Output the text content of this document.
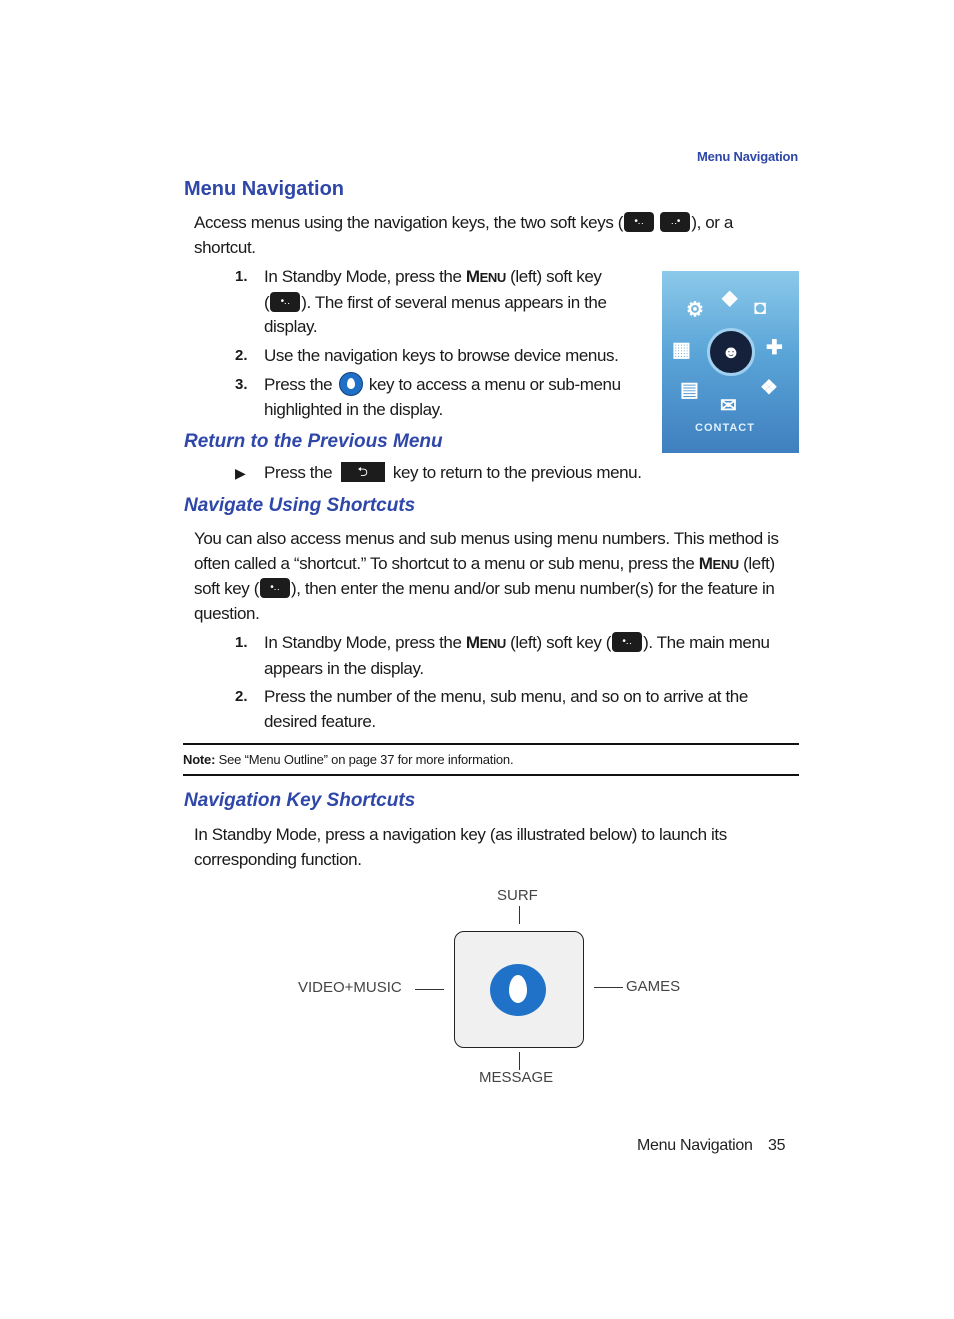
Menu Navigation
Menu Navigation
Access menus using the navigation keys, the two soft keys ( •‥	‥• ), or a
shortcut.
1. In Standby Mode, press the MENU (left) soft key
( •‥ ). The first of several menus appears in the
display.
2. Use the navigation keys to browse device menus.
3. Press the  key to access a menu or sub-menu
highlighted in the display.
⚙
◆ ◘
▦	✚
▤
✉
❖
☻
CONTACT
Return to the Previous Menu
▶ Press the ⮌ key to return to the previous menu.
Navigate Using Shortcuts
You can also access menus and sub menus using menu numbers. This method is
often called a “shortcut.” To shortcut to a menu or sub menu, press the MENU (left)
soft key ( •‥ ), then enter the menu and/or sub menu number(s) for the feature in
question.
1. In Standby Mode, press the MENU (left) soft key ( •‥ ). The main menu
appears in the display.
2. Press the number of the menu, sub menu, and so on to arrive at the
desired feature.
Note: See “Menu Outline” on page 37 for more information.
Navigation Key Shortcuts
In Standby Mode, press a navigation key (as illustrated below) to launch its
corresponding function.
SURF
VIDEO+MUSIC	GAMES
MESSAGE
Menu Navigation 35
